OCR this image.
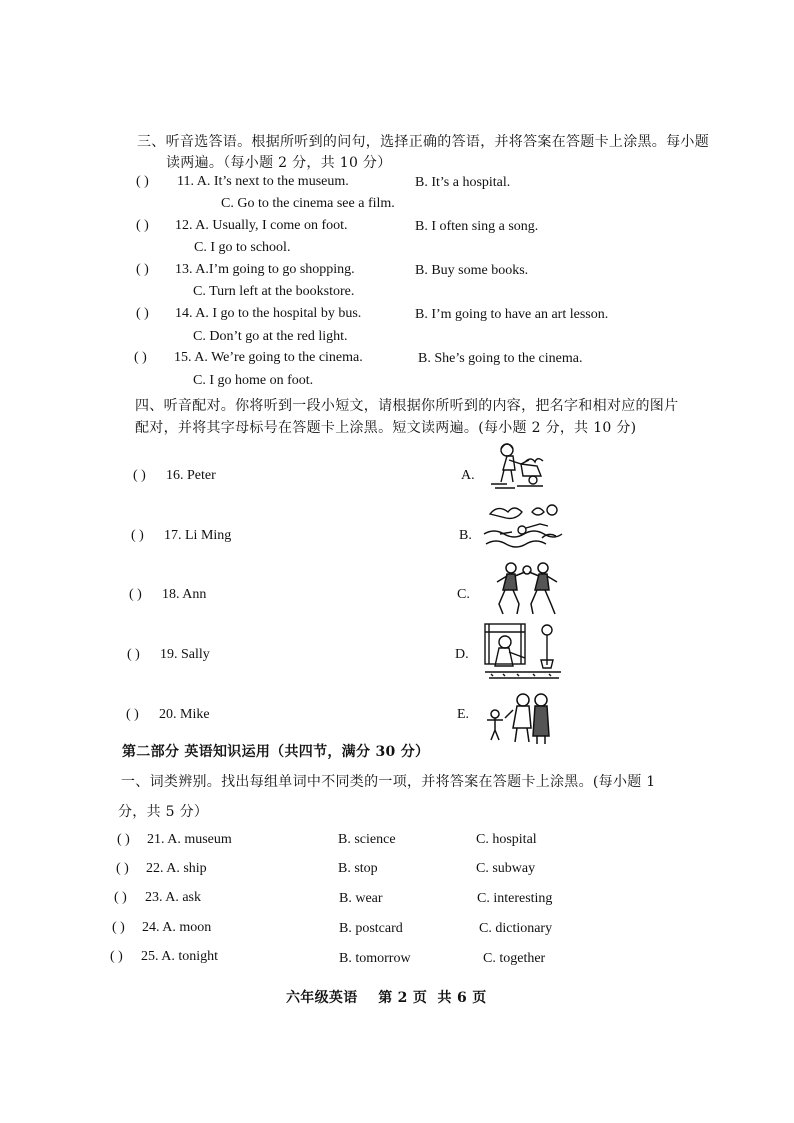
三、听音选答语。根据所听到的问句，选择正确的答语，并将答案在答题卡上涂黑。每小题
读两遍。（每小题 2 分，共 10 分）
( ) 11. A. It’s next to the museum.	B. It’s a hospital.
C. Go to the cinema see a film.
( ) 12. A. Usually, I come on foot.	B. I often sing a song.
C. I go to school.
( ) 13. A.I’m going to go shopping.	B. Buy some books.
C. Turn left at the bookstore.
( ) 14. A. I go to the hospital by bus.	B. I’m going to have an art lesson.
C. Don’t go at the red light.
( ) 15. A. We’re going to the cinema.	B. She’s going to the cinema.
C. I go home on foot.
四、听音配对。你将听到一段小短文，请根据你所听到的内容，把名字和相对应的图片
配对，并将其字母标号在答题卡上涂黑。短文读两遍。(每小题 2 分，共 10 分)
( ) 16. Peter	A.
( ) 17. Li Ming	B.
( ) 18. Ann	C.
( ) 19. Sally	D.
( ) 20. Mike	E.
第二部分 英语知识运用（共四节，满分 30 分）
一、词类辨别。找出每组单词中不同类的一项，并将答案在答题卡上涂黑。(每小题 1
分，共 5 分）
( ) 21. A. museum	B. science	C. hospital
( ) 22. A. ship	B. stop	C. subway
( ) 23. A. ask	B. wear	C. interesting
( ) 24. A. moon	B. postcard	C. dictionary
( ) 25. A. tonight	B. tomorrow	C. together
六年级英语    第 2 页  共 6 页
